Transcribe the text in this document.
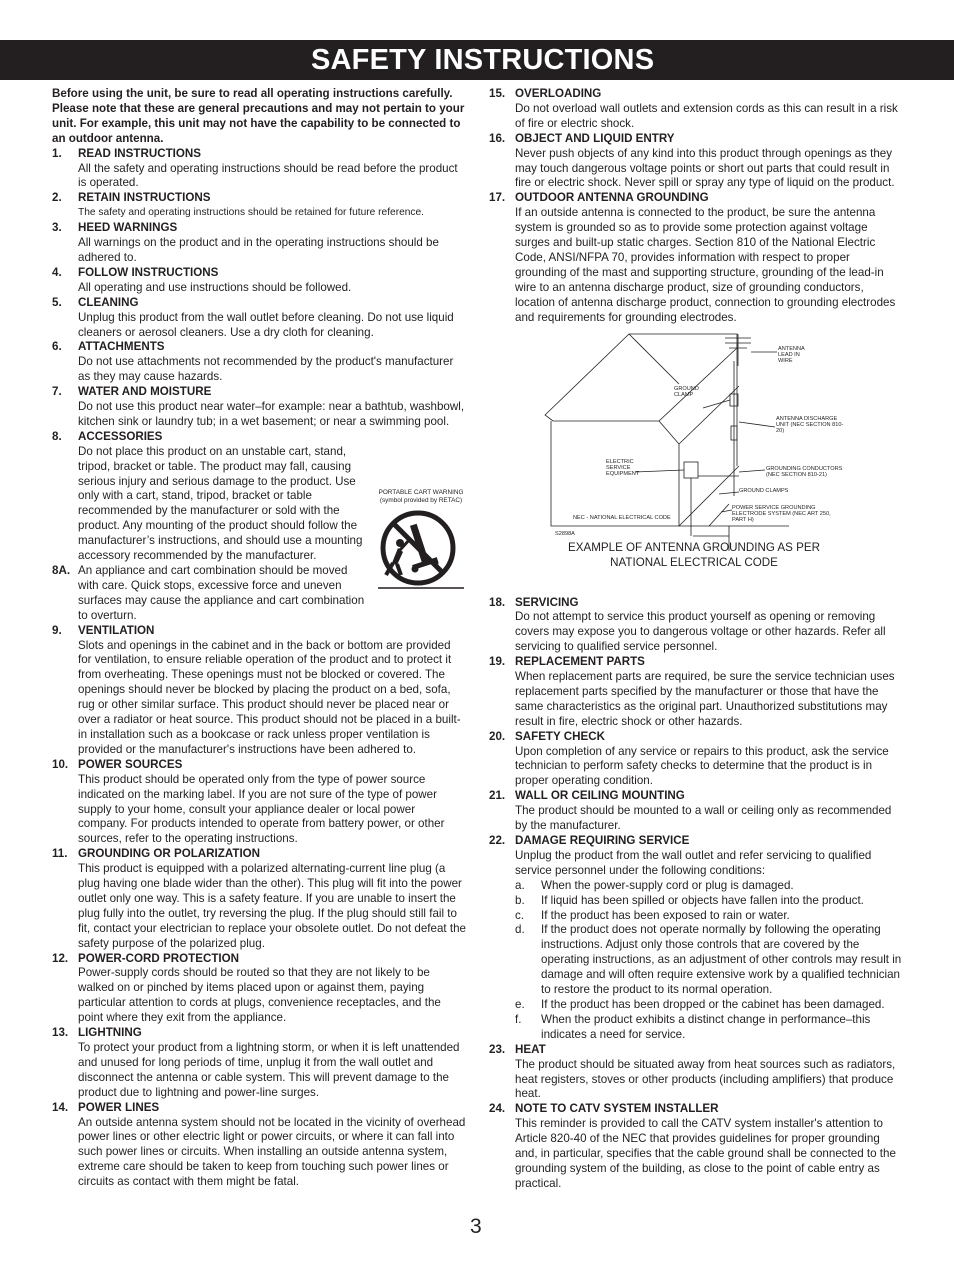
SAFETY INSTRUCTIONS

Before using the unit, be sure to read all operating instructions carefully. Please note that these are general precautions and may not pertain to your unit. For example, this unit may not have the capability to be connected to an outdoor antenna.

1. READ INSTRUCTIONS
All the safety and operating instructions should be read before the product is operated.
2. RETAIN INSTRUCTIONS
The safety and operating instructions should be retained for future reference.
3. HEED WARNINGS
All warnings on the product and in the operating instructions should be adhered to.
4. FOLLOW INSTRUCTIONS
All operating and use instructions should be followed.
5. CLEANING
Unplug this product from the wall outlet before cleaning. Do not use liquid cleaners or aerosol cleaners. Use a dry cloth for cleaning.
6. ATTACHMENTS
Do not use attachments not recommended by the product's manufacturer as they may cause hazards.
7. WATER AND MOISTURE
Do not use this product near water–for example: near a bathtub, washbowl, kitchen sink or laundry tub; in a wet basement; or near a swimming pool.
8. ACCESSORIES
PORTABLE CART WARNING
(symbol provided by RETAC)
Do not place this product on an unstable cart, stand, tripod, bracket or table. The product may fall, causing serious injury and serious damage to the product. Use only with a cart, stand, tripod, bracket or table recommended by the manufacturer or sold with the product. Any mounting of the product should follow the manufacturer’s instructions, and should use a mounting accessory recommended by the manufacturer.
8A. An appliance and cart combination should be moved with care. Quick stops, excessive force and uneven surfaces may cause the appliance and cart combination to overturn.
9. VENTILATION
Slots and openings in the cabinet and in the back or bottom are provided for ventilation, to ensure reliable operation of the product and to protect it from overheating. These openings must not be blocked or covered. The openings should never be blocked by placing the product on a bed, sofa, rug or other similar surface. This product should never be placed near or over a radiator or heat source. This product should not be placed in a built-in installation such as a bookcase or rack unless proper ventilation is provided or the manufacturer's instructions have been adhered to.
10. POWER SOURCES
This product should be operated only from the type of power source indicated on the marking label. If you are not sure of the type of power supply to your home, consult your appliance dealer or local power company. For products intended to operate from battery power, or other sources, refer to the operating instructions.
11. GROUNDING OR POLARIZATION
This product is equipped with a polarized alternating-current line plug (a plug having one blade wider than the other). This plug will fit into the power outlet only one way. This is a safety feature. If you are unable to insert the plug fully into the outlet, try reversing the plug. If the plug should still fail to fit, contact your electrician to replace your obsolete outlet. Do not defeat the safety purpose of the polarized plug.
12. POWER-CORD PROTECTION
Power-supply cords should be routed so that they are not likely to be walked on or pinched by items placed upon or against them, paying particular attention to cords at plugs, convenience receptacles, and the point where they exit from the appliance.
13. LIGHTNING
To protect your product from a lightning storm, or when it is left unattended and unused for long periods of time, unplug it from the wall outlet and disconnect the antenna or cable system. This will prevent damage to the product due to lightning and power-line surges.
14. POWER LINES
An outside antenna system should not be located in the vicinity of overhead power lines or other electric light or power circuits, or where it can fall into such power lines or circuits. When installing an outside antenna system, extreme care should be taken to keep from touching such power lines or circuits as contact with them might be fatal.
15. OVERLOADING
Do not overload wall outlets and extension cords as this can result in a risk of fire or electric shock.
16. OBJECT AND LIQUID ENTRY
Never push objects of any kind into this product through openings as they may touch dangerous voltage points or short out parts that could result in fire or electric shock. Never spill or spray any type of liquid on the product.
17. OUTDOOR ANTENNA GROUNDING
If an outside antenna is connected to the product, be sure the antenna system is grounded so as to provide some protection against voltage surges and built-up static charges. Section 810 of the National Electric Code, ANSI/NFPA 70, provides information with respect to proper grounding of the mast and supporting structure, grounding of the lead-in wire to an antenna discharge product, size of grounding conductors, location of antenna discharge product, connection to grounding electrodes and requirements for grounding electrodes.
ANTENNA LEAD IN WIRE
GROUND CLAMP
ANTENNA DISCHARGE UNIT (NEC SECTION 810-20)
ELECTRIC SERVICE EQUIPMENT
GROUNDING CONDUCTORS (NEC SECTION 810-21)
GROUND CLAMPS
POWER SERVICE GROUNDING ELECTRODE SYSTEM (NEC ART 250, PART H)
NEC - NATIONAL ELECTRICAL CODE
S2898A
EXAMPLE OF ANTENNA GROUNDING AS PER NATIONAL ELECTRICAL CODE
18. SERVICING
Do not attempt to service this product yourself as opening or removing covers may expose you to dangerous voltage or other hazards. Refer all servicing to qualified service personnel.
19. REPLACEMENT PARTS
When replacement parts are required, be sure the service technician uses replacement parts specified by the manufacturer or those that have the same characteristics as the original part. Unauthorized substitutions may result in fire, electric shock or other hazards.
20. SAFETY CHECK
Upon completion of any service or repairs to this product, ask the service technician to perform safety checks to determine that the product is in proper operating condition.
21. WALL OR CEILING MOUNTING
The product should be mounted to a wall or ceiling only as recommended by the manufacturer.
22. DAMAGE REQUIRING SERVICE
Unplug the product from the wall outlet and refer servicing to qualified service personnel under the following conditions:
a. When the power-supply cord or plug is damaged.
b. If liquid has been spilled or objects have fallen into the product.
c. If the product has been exposed to rain or water.
d. If the product does not operate normally by following the operating instructions. Adjust only those controls that are covered by the operating instructions, as an adjustment of other controls may result in damage and will often require extensive work by a qualified technician to restore the product to its normal operation.
e. If the product has been dropped or the cabinet has been damaged.
f. When the product exhibits a distinct change in performance–this indicates a need for service.
23. HEAT
The product should be situated away from heat sources such as radiators, heat registers, stoves or other products (including amplifiers) that produce heat.
24. NOTE TO CATV SYSTEM INSTALLER
This reminder is provided to call the CATV system installer's attention to Article 820-40 of the NEC that provides guidelines for proper grounding and, in particular, specifies that the cable ground shall be connected to the grounding system of the building, as close to the point of cable entry as practical.
3
